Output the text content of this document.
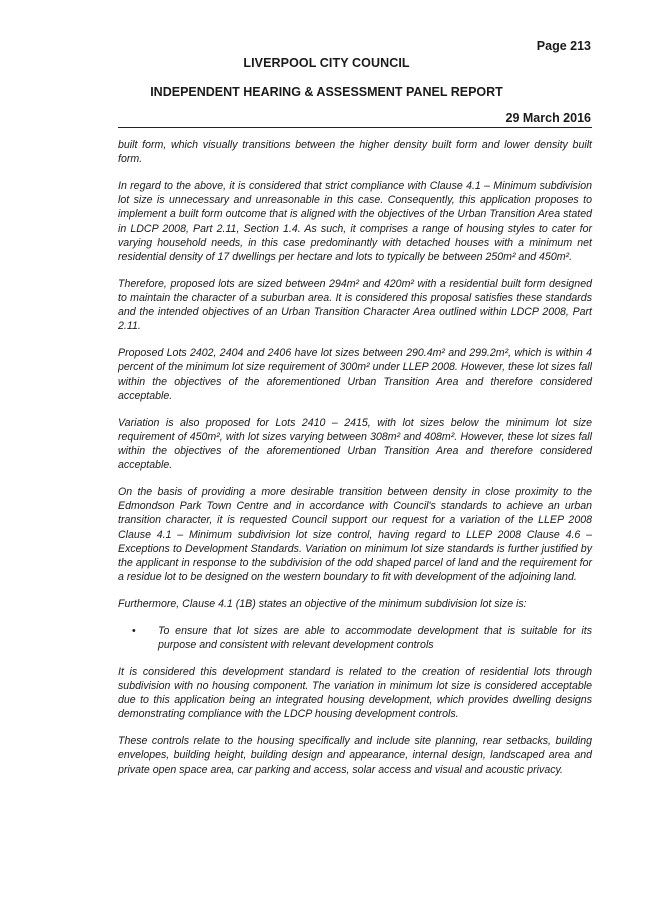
Page 213
LIVERPOOL CITY COUNCIL
INDEPENDENT HEARING & ASSESSMENT PANEL REPORT
29 March 2016

built form, which visually transitions between the higher density built form and lower density built form.

In regard to the above, it is considered that strict compliance with Clause 4.1 – Minimum subdivision lot size is unnecessary and unreasonable in this case. Consequently, this application proposes to implement a built form outcome that is aligned with the objectives of the Urban Transition Area stated in LDCP 2008, Part 2.11, Section 1.4. As such, it comprises a range of housing styles to cater for varying household needs, in this case predominantly with detached houses with a minimum net residential density of 17 dwellings per hectare and lots to typically be between 250m² and 450m².

Therefore, proposed lots are sized between 294m² and 420m² with a residential built form designed to maintain the character of a suburban area. It is considered this proposal satisfies these standards and the intended objectives of an Urban Transition Character Area outlined within LDCP 2008, Part 2.11.

Proposed Lots 2402, 2404 and 2406 have lot sizes between 290.4m² and 299.2m², which is within 4 percent of the minimum lot size requirement of 300m² under LLEP 2008. However, these lot sizes fall within the objectives of the aforementioned Urban Transition Area and therefore considered acceptable.

Variation is also proposed for Lots 2410 – 2415, with lot sizes below the minimum lot size requirement of 450m², with lot sizes varying between 308m² and 408m². However, these lot sizes fall within the objectives of the aforementioned Urban Transition Area and therefore considered acceptable.

On the basis of providing a more desirable transition between density in close proximity to the Edmondson Park Town Centre and in accordance with Council's standards to achieve an urban transition character, it is requested Council support our request for a variation of the LLEP 2008 Clause 4.1 – Minimum subdivision lot size control, having regard to LLEP 2008 Clause 4.6 – Exceptions to Development Standards. Variation on minimum lot size standards is further justified by the applicant in response to the subdivision of the odd shaped parcel of land and the requirement for a residue lot to be designed on the western boundary to fit with development of the adjoining land.

Furthermore, Clause 4.1 (1B) states an objective of the minimum subdivision lot size is:

• To ensure that lot sizes are able to accommodate development that is suitable for its purpose and consistent with relevant development controls

It is considered this development standard is related to the creation of residential lots through subdivision with no housing component. The variation in minimum lot size is considered acceptable due to this application being an integrated housing development, which provides dwelling designs demonstrating compliance with the LDCP housing development controls.

These controls relate to the housing specifically and include site planning, rear setbacks, building envelopes, building height, building design and appearance, internal design, landscaped area and private open space area, car parking and access, solar access and visual and acoustic privacy.
